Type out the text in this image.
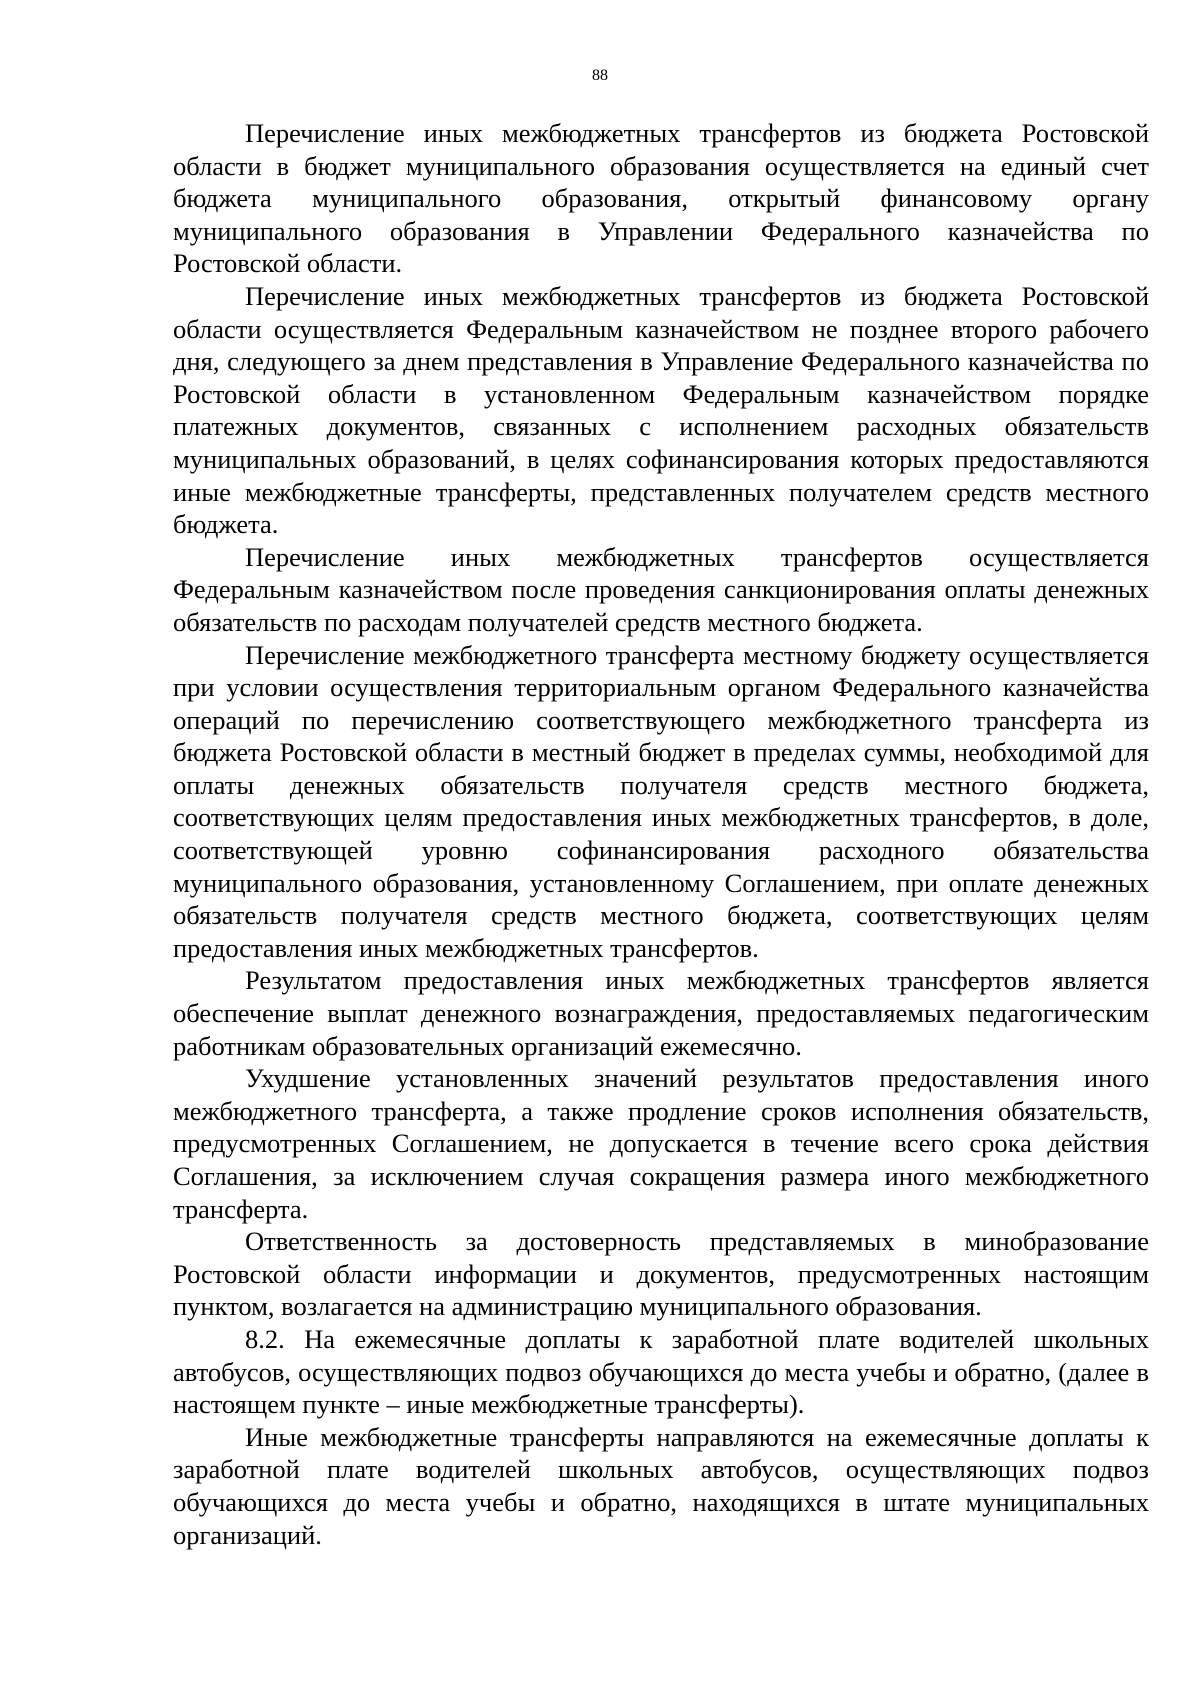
88

Перечисление иных межбюджетных трансфертов из бюджета Ростовской области в бюджет муниципального образования осуществляется на единый счет бюджета муниципального образования, открытый финансовому органу муниципального образования в Управлении Федерального казначейства по Ростовской области.

Перечисление иных межбюджетных трансфертов из бюджета Ростовской области осуществляется Федеральным казначейством не позднее второго рабочего дня, следующего за днем представления в Управление Федерального казначейства по Ростовской области в установленном Федеральным казначейством порядке платежных документов, связанных с исполнением расходных обязательств муниципальных образований, в целях софинансирования которых предоставляются иные межбюджетные трансферты, представленных получателем средств местного бюджета.

Перечисление иных межбюджетных трансфертов осуществляется Федеральным казначейством после проведения санкционирования оплаты денежных обязательств по расходам получателей средств местного бюджета.

Перечисление межбюджетного трансферта местному бюджету осуществляется при условии осуществления территориальным органом Федерального казначейства операций по перечислению соответствующего межбюджетного трансферта из бюджета Ростовской области в местный бюджет в пределах суммы, необходимой для оплаты денежных обязательств получателя средств местного бюджета, соответствующих целям предоставления иных межбюджетных трансфертов, в доле, соответствующей уровню софинансирования расходного обязательства муниципального образования, установленному Соглашением, при оплате денежных обязательств получателя средств местного бюджета, соответствующих целям предоставления иных межбюджетных трансфертов.

Результатом предоставления иных межбюджетных трансфертов является обеспечение выплат денежного вознаграждения, предоставляемых педагогическим работникам образовательных организаций ежемесячно.

Ухудшение установленных значений результатов предоставления иного межбюджетного трансферта, а также продление сроков исполнения обязательств, предусмотренных Соглашением, не допускается в течение всего срока действия Соглашения, за исключением случая сокращения размера иного межбюджетного трансферта.

Ответственность за достоверность представляемых в минобразование Ростовской области информации и документов, предусмотренных настоящим пунктом, возлагается на администрацию муниципального образования.

8.2. На ежемесячные доплаты к заработной плате водителей школьных автобусов, осуществляющих подвоз обучающихся до места учебы и обратно, (далее в настоящем пункте – иные межбюджетные трансферты).

Иные межбюджетные трансферты направляются на ежемесячные доплаты к заработной плате водителей школьных автобусов, осуществляющих подвоз обучающихся до места учебы и обратно, находящихся в штате муниципальных организаций.
